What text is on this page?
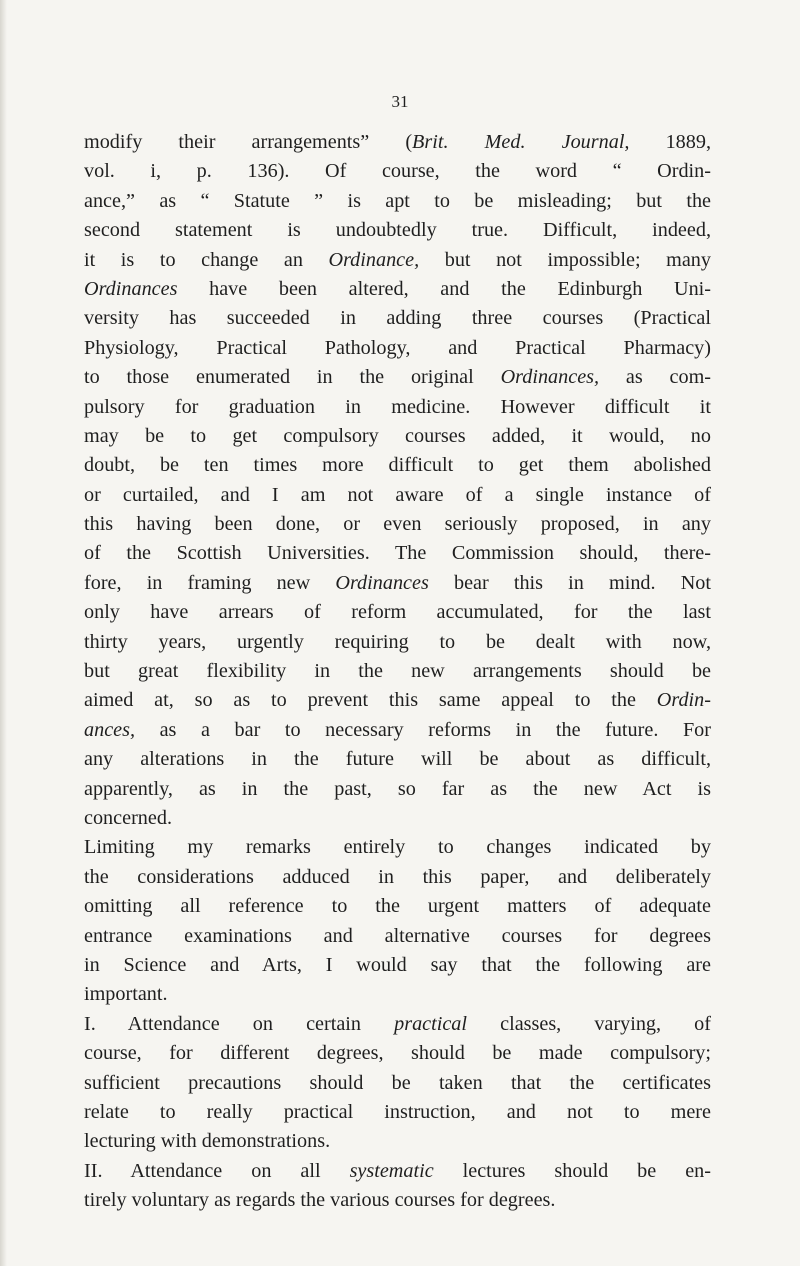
31
modify their arrangements” (Brit. Med. Journal, 1889,
vol. i, p. 136). Of course, the word “ Ordin-
ance,” as “ Statute ” is apt to be misleading; but the
second statement is undoubtedly true. Difficult, indeed,
it is to change an Ordinance, but not impossible; many
Ordinances have been altered, and the Edinburgh Uni-
versity has succeeded in adding three courses (Practical
Physiology, Practical Pathology, and Practical Pharmacy)
to those enumerated in the original Ordinances, as com-
pulsory for graduation in medicine. However difficult it
may be to get compulsory courses added, it would, no
doubt, be ten times more difficult to get them abolished
or curtailed, and I am not aware of a single instance of
this having been done, or even seriously proposed, in any
of the Scottish Universities. The Commission should, there-
fore, in framing new Ordinances bear this in mind. Not
only have arrears of reform accumulated, for the last
thirty years, urgently requiring to be dealt with now,
but great flexibility in the new arrangements should be
aimed at, so as to prevent this same appeal to the Ordin-
ances, as a bar to necessary reforms in the future. For
any alterations in the future will be about as difficult,
apparently, as in the past, so far as the new Act is
concerned.
Limiting my remarks entirely to changes indicated by
the considerations adduced in this paper, and deliberately
omitting all reference to the urgent matters of adequate
entrance examinations and alternative courses for degrees
in Science and Arts, I would say that the following are
important.
I. Attendance on certain practical classes, varying, of
course, for different degrees, should be made compulsory;
sufficient precautions should be taken that the certificates
relate to really practical instruction, and not to mere
lecturing with demonstrations.
II. Attendance on all systematic lectures should be en-
tirely voluntary as regards the various courses for degrees.
